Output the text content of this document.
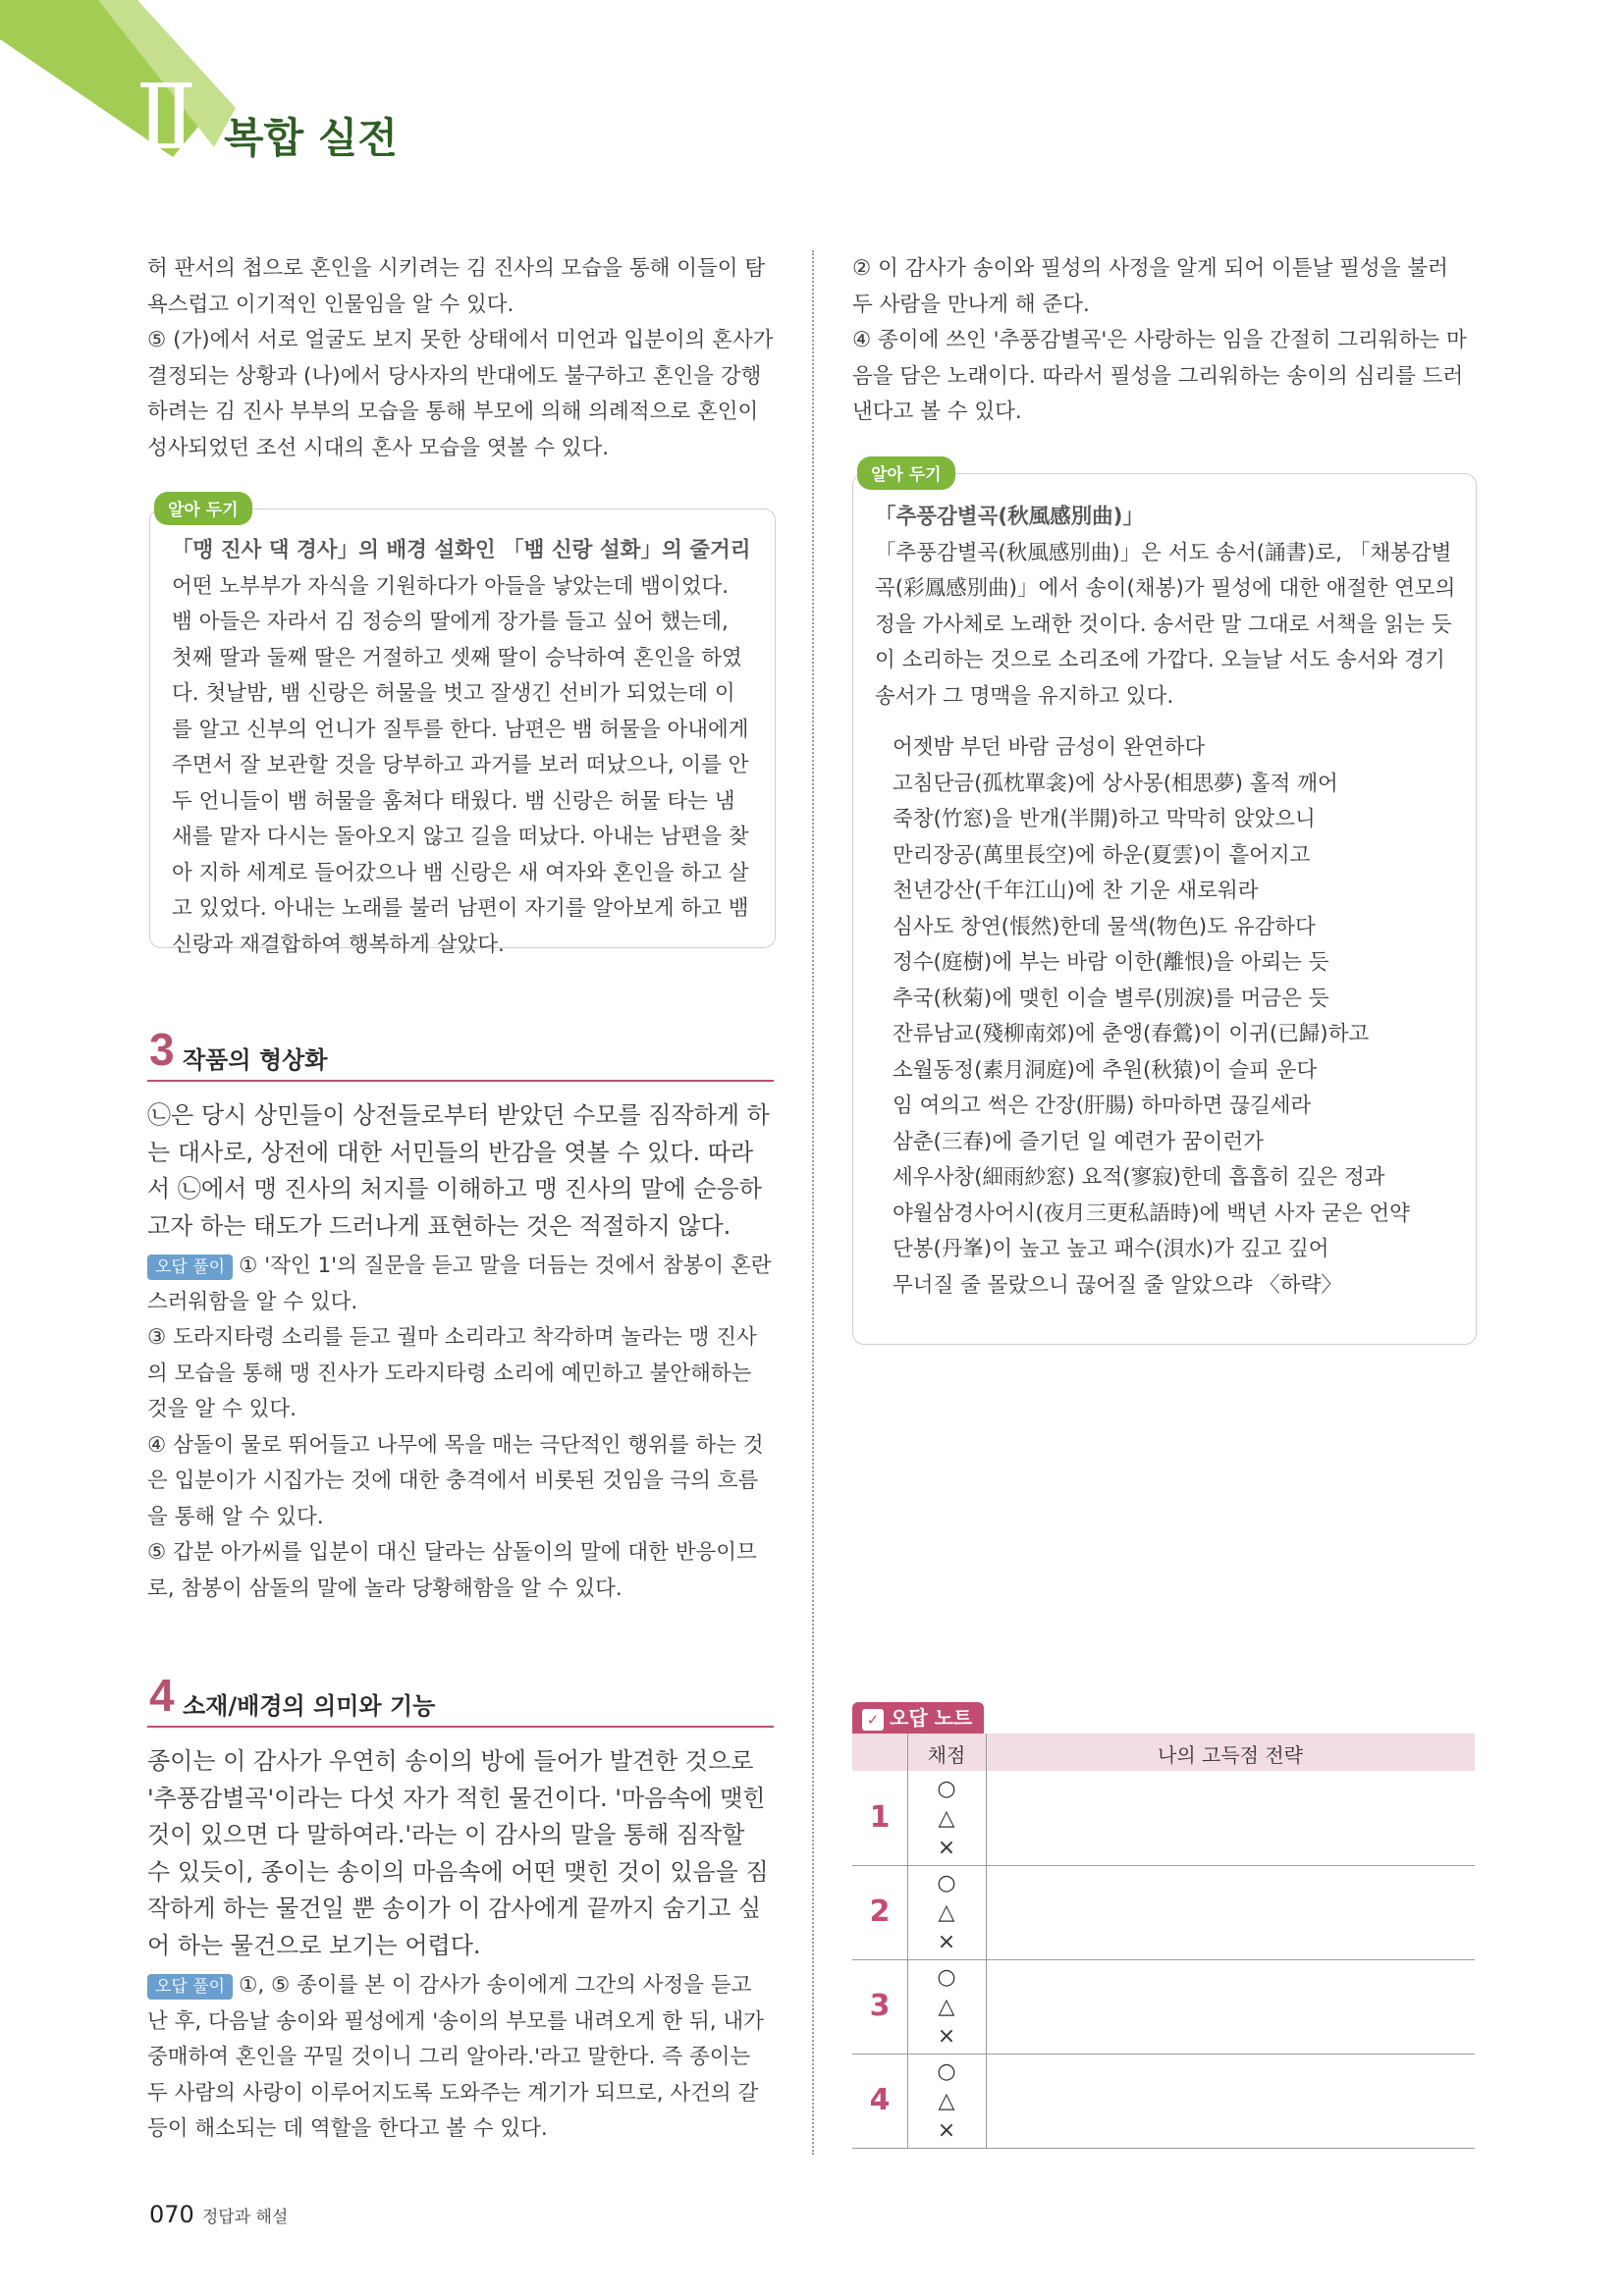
Ⅱ 복합 실전

허 판서의 첩으로 혼인을 시키려는 김 진사의 모습을 통해 이들이 탐욕스럽고 이기적인 인물임을 알 수 있다.

⑤ (가)에서 서로 얼굴도 보지 못한 상태에서 미언과 입분이의 혼사가 결정되는 상황과 (나)에서 당사자의 반대에도 불구하고 혼인을 강행하려는 김 진사 부부의 모습을 통해 부모에 의해 의례적으로 혼인이 성사되었던 조선 시대의 혼사 모습을 엿볼 수 있다.

알아 두기
「맹 진사 댁 경사」의 배경 설화인 「뱀 신랑 설화」의 줄거리
어떤 노부부가 자식을 기원하다가 아들을 낳았는데 뱀이었다. 뱀 아들은 자라서 김 정승의 딸에게 장가를 들고 싶어 했는데, 첫째 딸과 둘째 딸은 거절하고 셋째 딸이 승낙하여 혼인을 하였다. 첫날밤, 뱀 신랑은 허물을 벗고 잘생긴 선비가 되었는데 이를 알고 신부의 언니가 질투를 한다. 남편은 뱀 허물을 아내에게 주면서 잘 보관할 것을 당부하고 과거를 보러 떠났으나, 이를 안 두 언니들이 뱀 허물을 훔쳐다 태웠다. 뱀 신랑은 허물 타는 냄새를 맡자 다시는 돌아오지 않고 길을 떠났다. 아내는 남편을 찾아 지하 세계로 들어갔으나 뱀 신랑은 새 여자와 혼인을 하고 살고 있었다. 아내는 노래를 불러 남편이 자기를 알아보게 하고 뱀 신랑과 재결합하여 행복하게 살았다.
3 작품의 형상화

㉡은 당시 상민들이 상전들로부터 받았던 수모를 짐작하게 하는 대사로, 상전에 대한 서민들의 반감을 엿볼 수 있다. 따라서 ㉡에서 맹 진사의 처지를 이해하고 맹 진사의 말에 순응하고자 하는 태도가 드러나게 표현하는 것은 적절하지 않다.

오답 풀이 ① '작인 1'의 질문을 듣고 말을 더듬는 것에서 참봉이 혼란스러워함을 알 수 있다.

③ 도라지타령 소리를 듣고 궐마 소리라고 착각하며 놀라는 맹 진사의 모습을 통해 맹 진사가 도라지타령 소리에 예민하고 불안해하는 것을 알 수 있다.

④ 삼돌이 물로 뛰어들고 나무에 목을 매는 극단적인 행위를 하는 것은 입분이가 시집가는 것에 대한 충격에서 비롯된 것임을 극의 흐름을 통해 알 수 있다.

⑤ 갑분 아가씨를 입분이 대신 달라는 삼돌이의 말에 대한 반응이므로, 참봉이 삼돌의 말에 놀라 당황해함을 알 수 있다.

4 소재/배경의 의미와 기능

종이는 이 감사가 우연히 송이의 방에 들어가 발견한 것으로 '추풍감별곡'이라는 다섯 자가 적힌 물건이다. '마음속에 맺힌 것이 있으면 다 말하여라.'라는 이 감사의 말을 통해 짐작할 수 있듯이, 종이는 송이의 마음속에 어떤 맺힌 것이 있음을 짐작하게 하는 물건일 뿐 송이가 이 감사에게 끝까지 숨기고 싶어 하는 물건으로 보기는 어렵다.

오답 풀이 ①, ⑤ 종이를 본 이 감사가 송이에게 그간의 사정을 듣고 난 후, 다음날 송이와 필성에게 '송이의 부모를 내려오게 한 뒤, 내가 중매하여 혼인을 꾸밀 것이니 그리 알아라.'라고 말한다. 즉 종이는 두 사람의 사랑이 이루어지도록 도와주는 계기가 되므로, 사건의 갈등이 해소되는 데 역할을 한다고 볼 수 있다.

② 이 감사가 송이와 필성의 사정을 알게 되어 이튿날 필성을 불러 두 사람을 만나게 해 준다.

④ 종이에 쓰인 '추풍감별곡'은 사랑하는 임을 간절히 그리워하는 마음을 담은 노래이다. 따라서 필성을 그리워하는 송이의 심리를 드러낸다고 볼 수 있다.

알아 두기
「추풍감별곡(秋風感別曲)」
「추풍감별곡(秋風感別曲)」은 서도 송서(誦書)로, 「채봉감별곡(彩鳳感別曲)」에서 송이(채봉)가 필성에 대한 애절한 연모의 정을 가사체로 노래한 것이다. 송서란 말 그대로 서책을 읽는 듯이 소리하는 것으로 소리조에 가깝다. 오늘날 서도 송서와 경기 송서가 그 명맥을 유지하고 있다.
어젯밤 부던 바람 금성이 완연하다
고침단금(孤枕單衾)에 상사몽(相思夢) 홀적 깨어
죽창(竹窓)을 반개(半開)하고 막막히 앉았으니
만리장공(萬里長空)에 하운(夏雲)이 흩어지고
천년강산(千年江山)에 찬 기운 새로워라
심사도 창연(悵然)한데 물색(物色)도 유감하다
정수(庭樹)에 부는 바람 이한(離恨)을 아뢰는 듯
추국(秋菊)에 맺힌 이슬 별루(別淚)를 머금은 듯
잔류남교(殘柳南郊)에 춘앵(春鶯)이 이귀(已歸)하고
소월동정(素月洞庭)에 추원(秋猿)이 슬피 운다
임 여의고 썩은 간장(肝腸) 하마하면 끊길세라
삼춘(三春)에 즐기던 일 예련가 꿈이런가
세우사창(細雨紗窓) 요적(寥寂)한데 흡흡히 깊은 정과
야월삼경사어시(夜月三更私語時)에 백년 사자 굳은 언약
단봉(丹峯)이 높고 높고 패수(浿水)가 깊고 깊어
무너질 줄 몰랐으니 끊어질 줄 알았으랴 〈하략〉
✓ 오답 노트
채점	나의 고득점 전략
1
○
△
×
2
○
△
×
3
○
△
×
4
○
△
×
070 정답과 해설
